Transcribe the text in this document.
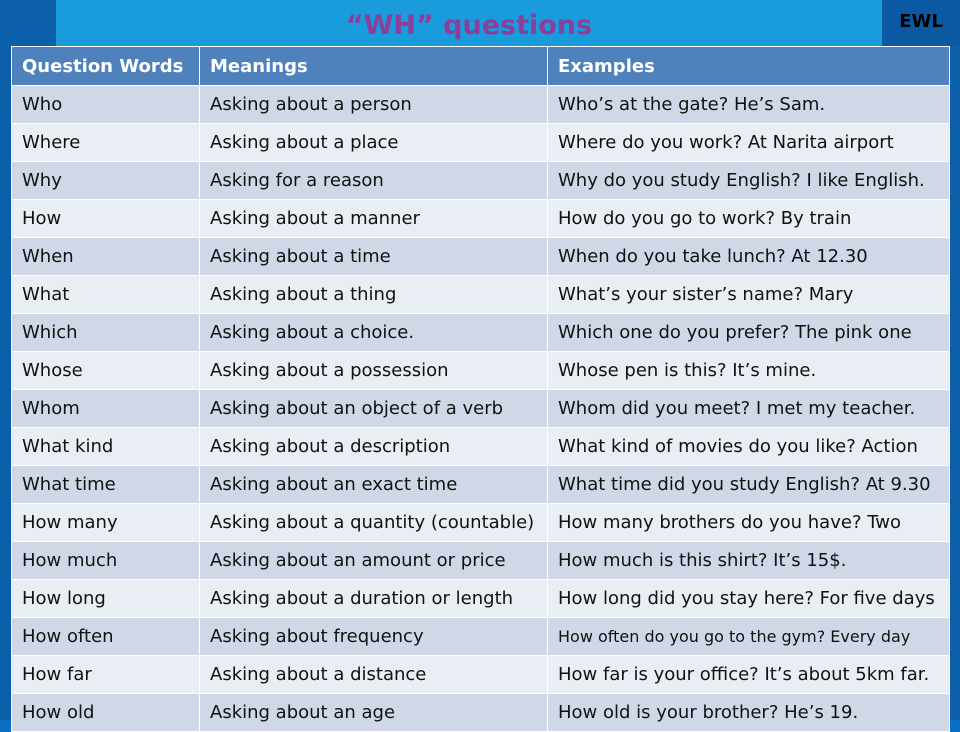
“WH” questions	EWL
Question Words	Meanings	Examples
Who	Asking about a person	Who’s at the gate? He’s Sam.
Where	Asking about a place	Where do you work? At Narita airport
Why	Asking for a reason	Why do you study English? I like English.
How	Asking about a manner	How do you go to work? By train
When	Asking about a time	When do you take lunch? At 12.30
What	Asking about a thing	What’s your sister’s name? Mary
Which	Asking about a choice.	Which one do you prefer? The pink one
Whose	Asking about a possession	Whose pen is this? It’s mine.
Whom	Asking about an object of a verb	Whom did you meet? I met my teacher.
What kind	Asking about a description	What kind of movies do you like? Action
What time	Asking about an exact time	What time did you study English? At 9.30
How many	Asking about a quantity (countable)	How many brothers do you have? Two
How much	Asking about an amount or price	How much is this shirt? It’s 15$.
How long	Asking about a duration or length	How long did you stay here? For five days
How often	Asking about frequency	How often do you go to the gym? Every day
How far	Asking about a distance	How far is your office? It’s about 5km far.
How old	Asking about an age	How old is your brother? He’s 19.
